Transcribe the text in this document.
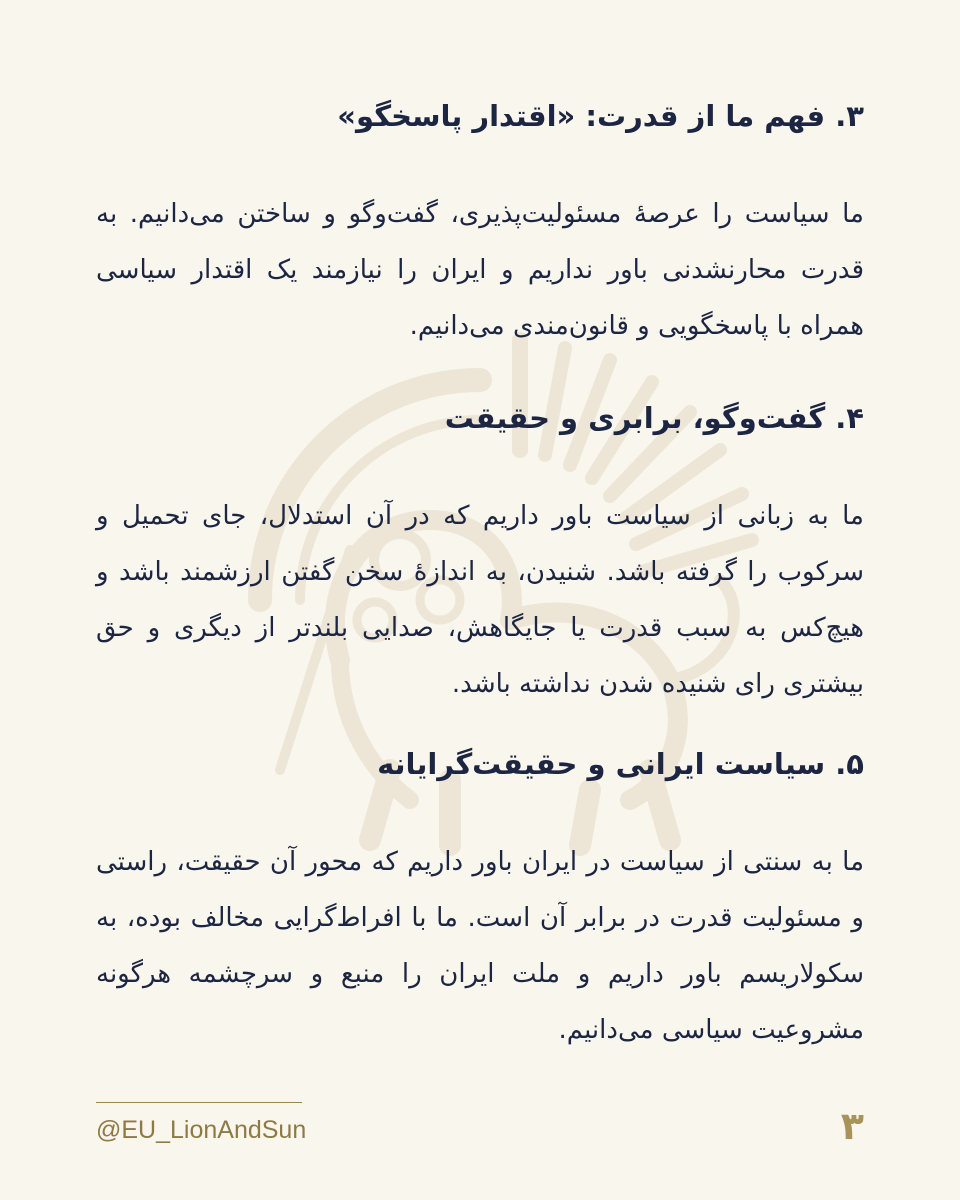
۳. فهم ما از قدرت: «اقتدار پاسخگو»

ما سیاست را عرصهٔ مسئولیت‌پذیری، گفت‌وگو و ساختن می‌دانیم. به قدرت محارنشدنی باور نداریم و ایران را نیازمند یک اقتدار سیاسی همراه با پاسخگویی و قانون‌مندی می‌دانیم.

۴. گفت‌وگو، برابری و حقیقت

ما به زبانی از سیاست باور داریم که در آن استدلال، جای تحمیل و سرکوب را گرفته باشد. شنیدن، به اندازهٔ سخن گفتن ارزشمند باشد و هیچ‌کس به سبب قدرت یا جایگاهش، صدایی بلندتر از دیگری و حق بیشتری رای شنیده شدن نداشته باشد.

۵. سیاست ایرانی و حقیقت‌گرایانه

ما به سنتی از سیاست در ایران باور داریم که محور آن حقیقت، راستی و مسئولیت قدرت در برابر آن است. ما با افراط‌گرایی مخالف بوده، به سکولاریسم باور داریم و ملت ایران را منبع و سرچشمه هرگونه مشروعیت سیاسی می‌دانیم.

@EU_LionAndSun	۳
